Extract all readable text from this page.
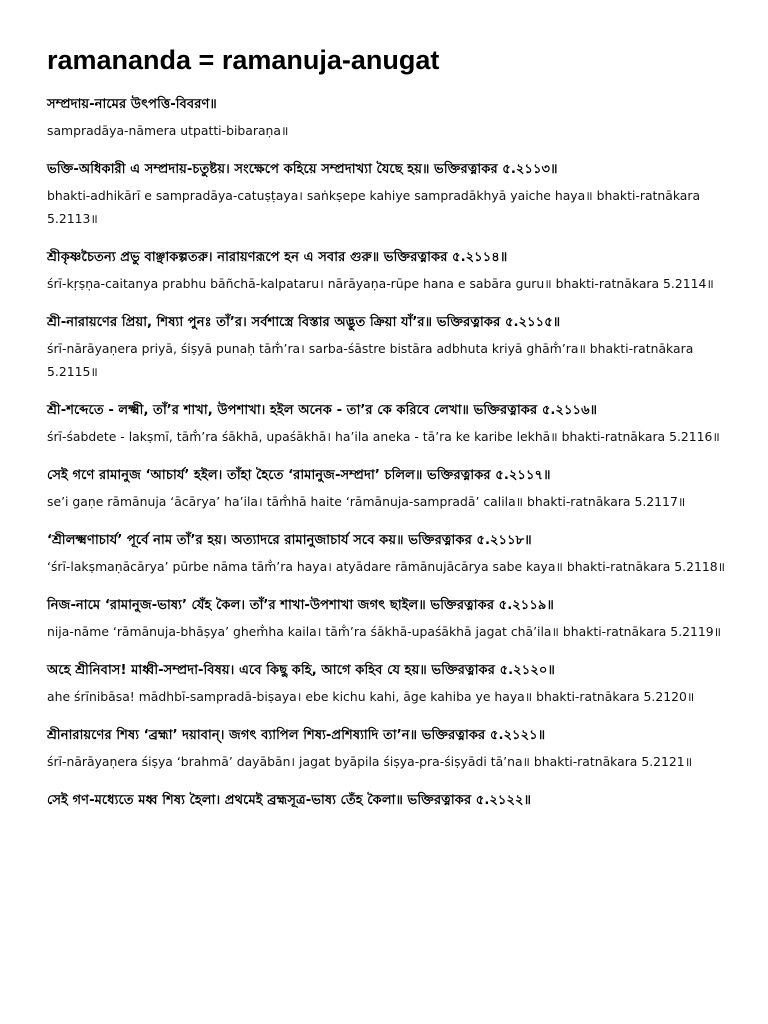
ramananda = ramanuja-anugat
সম্প্রদায়-নামের উৎপত্তি-বিবরণ॥
sampradāya-nāmera utpatti-bibaraṇa॥
ভক্তি-অধিকারী এ সম্প্রদায়-চতুষ্টয়। সংক্ষেপে কহিয়ে সম্প্রদাখ্যা যৈছে হয়॥ ভক্তিরত্নাকর ৫.২১১৩॥
bhakti-adhikārī e sampradāya-catuṣṭaya। saṅkṣepe kahiye sampradākhyā yaiche haya॥ bhakti-ratnākara 5.2113॥
শ্রীকৃষ্ণচৈতন্য প্রভু বাঞ্ছাকল্পতরু। নারায়ণরূপে হন এ সবার গুরু॥ ভক্তিরত্নাকর ৫.২১১৪॥
śrī-kṛṣṇa-caitanya prabhu bāñchā-kalpataru। nārāyaṇa-rūpe hana e sabāra guru॥ bhakti-ratnākara 5.2114॥
শ্রী-নারায়ণের প্রিয়া, শিষ্যা পুনঃ তাঁ’র। সর্বশাস্ত্রে বিস্তার অদ্ভুত ক্রিয়া যাঁ’র॥ ভক্তিরত্নাকর ৫.২১১৫॥
śrī-nārāyaṇera priyā, śiṣyā punaḥ tām̐’ra। sarba-śāstre bistāra adbhuta kriyā ghām̐’ra॥ bhakti-ratnākara 5.2115॥
শ্রী-শব্দেতে - লক্ষ্মী, তাঁ’র শাখা, উপশাখা। হইল অনেক - তা’র কে করিবে লেখা॥ ভক্তিরত্নাকর ৫.২১১৬॥
śrī-śabdete - lakṣmī, tām̐’ra śākhā, upaśākhā। ha’ila aneka - tā’ra ke karibe lekhā॥ bhakti-ratnākara 5.2116॥
সেই গণে রামানুজ ‘আচার্য’ হইল। তাঁহা হৈতে ‘রামানুজ-সম্প্রদা’ চলিল॥ ভক্তিরত্নাকর ৫.২১১৭॥
se’i gaṇe rāmānuja ‘ācārya’ ha’ila। tām̐hā haite ‘rāmānuja-sampradā’ calila॥ bhakti-ratnākara 5.2117॥
‘শ্রীলক্ষ্মণাচার্য’ পূর্বে নাম তাঁ’র হয়। অত্যাদরে রামানুজাচার্য সবে কয়॥ ভক্তিরত্নাকর ৫.২১১৮॥
‘śrī-lakṣmaṇācārya’ pūrbe nāma tām̐’ra haya। atyādare rāmānujācārya sabe kaya॥ bhakti-ratnākara 5.2118॥
নিজ-নামে ‘রামানুজ-ভাষ্য’ যেঁহ কৈল। তাঁ’র শাখা-উপশাখা জগৎ ছাইল॥ ভক্তিরত্নাকর ৫.২১১৯॥
nija-nāme ‘rāmānuja-bhāṣya’ ghem̐ha kaila। tām̐’ra śākhā-upaśākhā jagat chā’ila॥ bhakti-ratnākara 5.2119॥
অহে শ্রীনিবাস! মাধ্বী-সম্প্রদা-বিষয়। এবে কিছু কহি, আগে কহিব যে হয়॥ ভক্তিরত্নাকর ৫.২১২০॥
ahe śrīnibāsa! mādhbī-sampradā-biṣaya। ebe kichu kahi, āge kahiba ye haya॥ bhakti-ratnākara 5.2120॥
শ্রীনারায়ণের শিষ্য ‘ব্রহ্মা’ দয়াবান্। জগৎ ব্যাপিল শিষ্য-প্রশিষ্যাদি তা’ন॥ ভক্তিরত্নাকর ৫.২১২১॥
śrī-nārāyaṇera śiṣya ‘brahmā’ dayābān। jagat byāpila śiṣya-pra-śiṣyādi tā’na॥ bhakti-ratnākara 5.2121॥
সেই গণ-মধ্যেতে মধ্ব শিষ্য হৈলা। প্রথমেই ব্রহ্মসূত্র-ভাষ্য তেঁহ কৈলা॥ ভক্তিরত্নাকর ৫.২১২২॥
